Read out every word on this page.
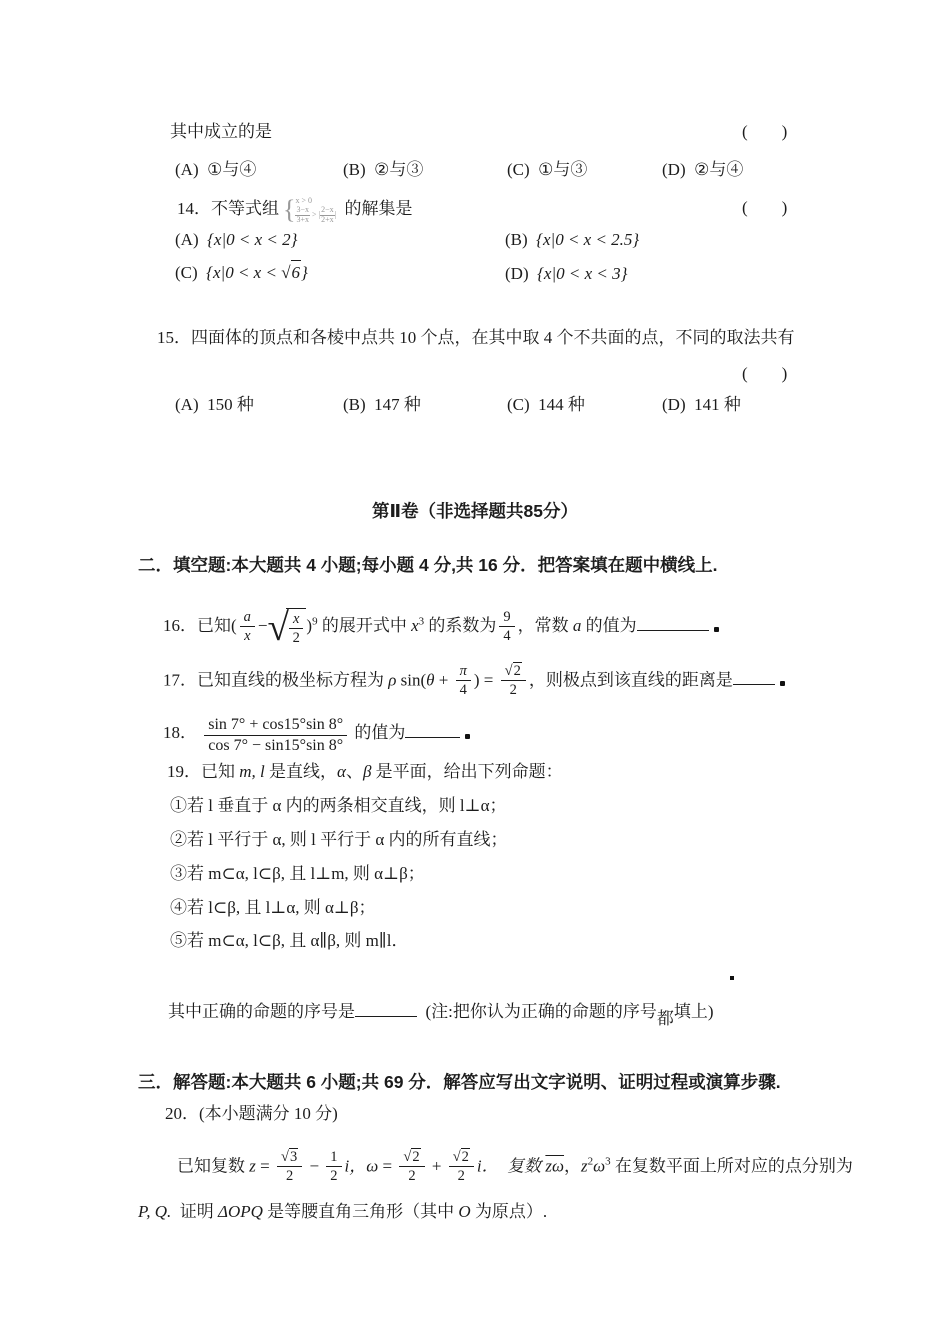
其中成立的是	(　　)
(A) ①与④	(B) ②与③	(C) ①与③	(D) ②与④
14．不等式组 { x > 0
$\frac{3-x}{3+x}$ > | $\frac{2-x}{2+x}$ | 的解集是	(　　)
(A) {x|0 < x < 2}	(B) {x|0 < x < 2.5}
(C) {x|0 < x < √6}	(D) {x|0 < x < 3}
15．四面体的顶点和各棱中点共 10 个点，在其中取 4 个不共面的点，不同的取法共有
(　　)
(A) 150 种	(B) 147 种	(C) 144 种	(D) 141 种
第Ⅱ卷（非选择题共85分）
二．填空题:本大题共 4 小题;每小题 4 分,共 16 分．把答案填在题中横线上.
16．已知( $\frac{a}{x}$ −√ $\frac{x}{2} )^9$ 的展开式中 $x^3$ 的系数为 $\frac{9}{4}$ ，常数 a 的值为
17．已知直线的极坐标方程为 ρ $\sin(\theta + \frac{\pi}{4}$ ) = $\frac{√2}{2}$ ，则极点到该直线的距离是
18． $\frac{\sin 7^\circ + \cos 15^\circ\sin 8^\circ}{\cos 7^\circ - \sin 15^\circ\sin 8^\circ}$ 的值为
19．已知 m, l 是直线，α、β 是平面，给出下列命题：
①若 l 垂直于 α 内的两条相交直线，则 l⊥α；
②若 l 平行于 α, 则 l 平行于 α 内的所有直线；
③若 m⊂α, l⊂β, 且 l⊥m, 则 α⊥β；
④若 l⊂β, 且 l⊥α, 则 α⊥β；
⑤若 m⊂α, l⊂β, 且 α∥β, 则 m∥l．
其中正确的命题的序号是	(注:把你认为正确的命题的序号都填上)
三．解答题:本大题共 6 小题;共 69 分．解答应写出文字说明、证明过程或演算步骤.
20．(本小题满分 10 分)
已知复数 $z = \frac{√3}{2} - \frac{1}{2}$ i，$\omega = \frac{√2}{2} + \frac{√2}{2}$ i．  复数 $\overline{z\omega}$，$z^2\omega^3$ 在复数平面上所对应的点分别为
P, Q.  证明 ΔOPQ 是等腰直角三角形（其中 O 为原点）.
